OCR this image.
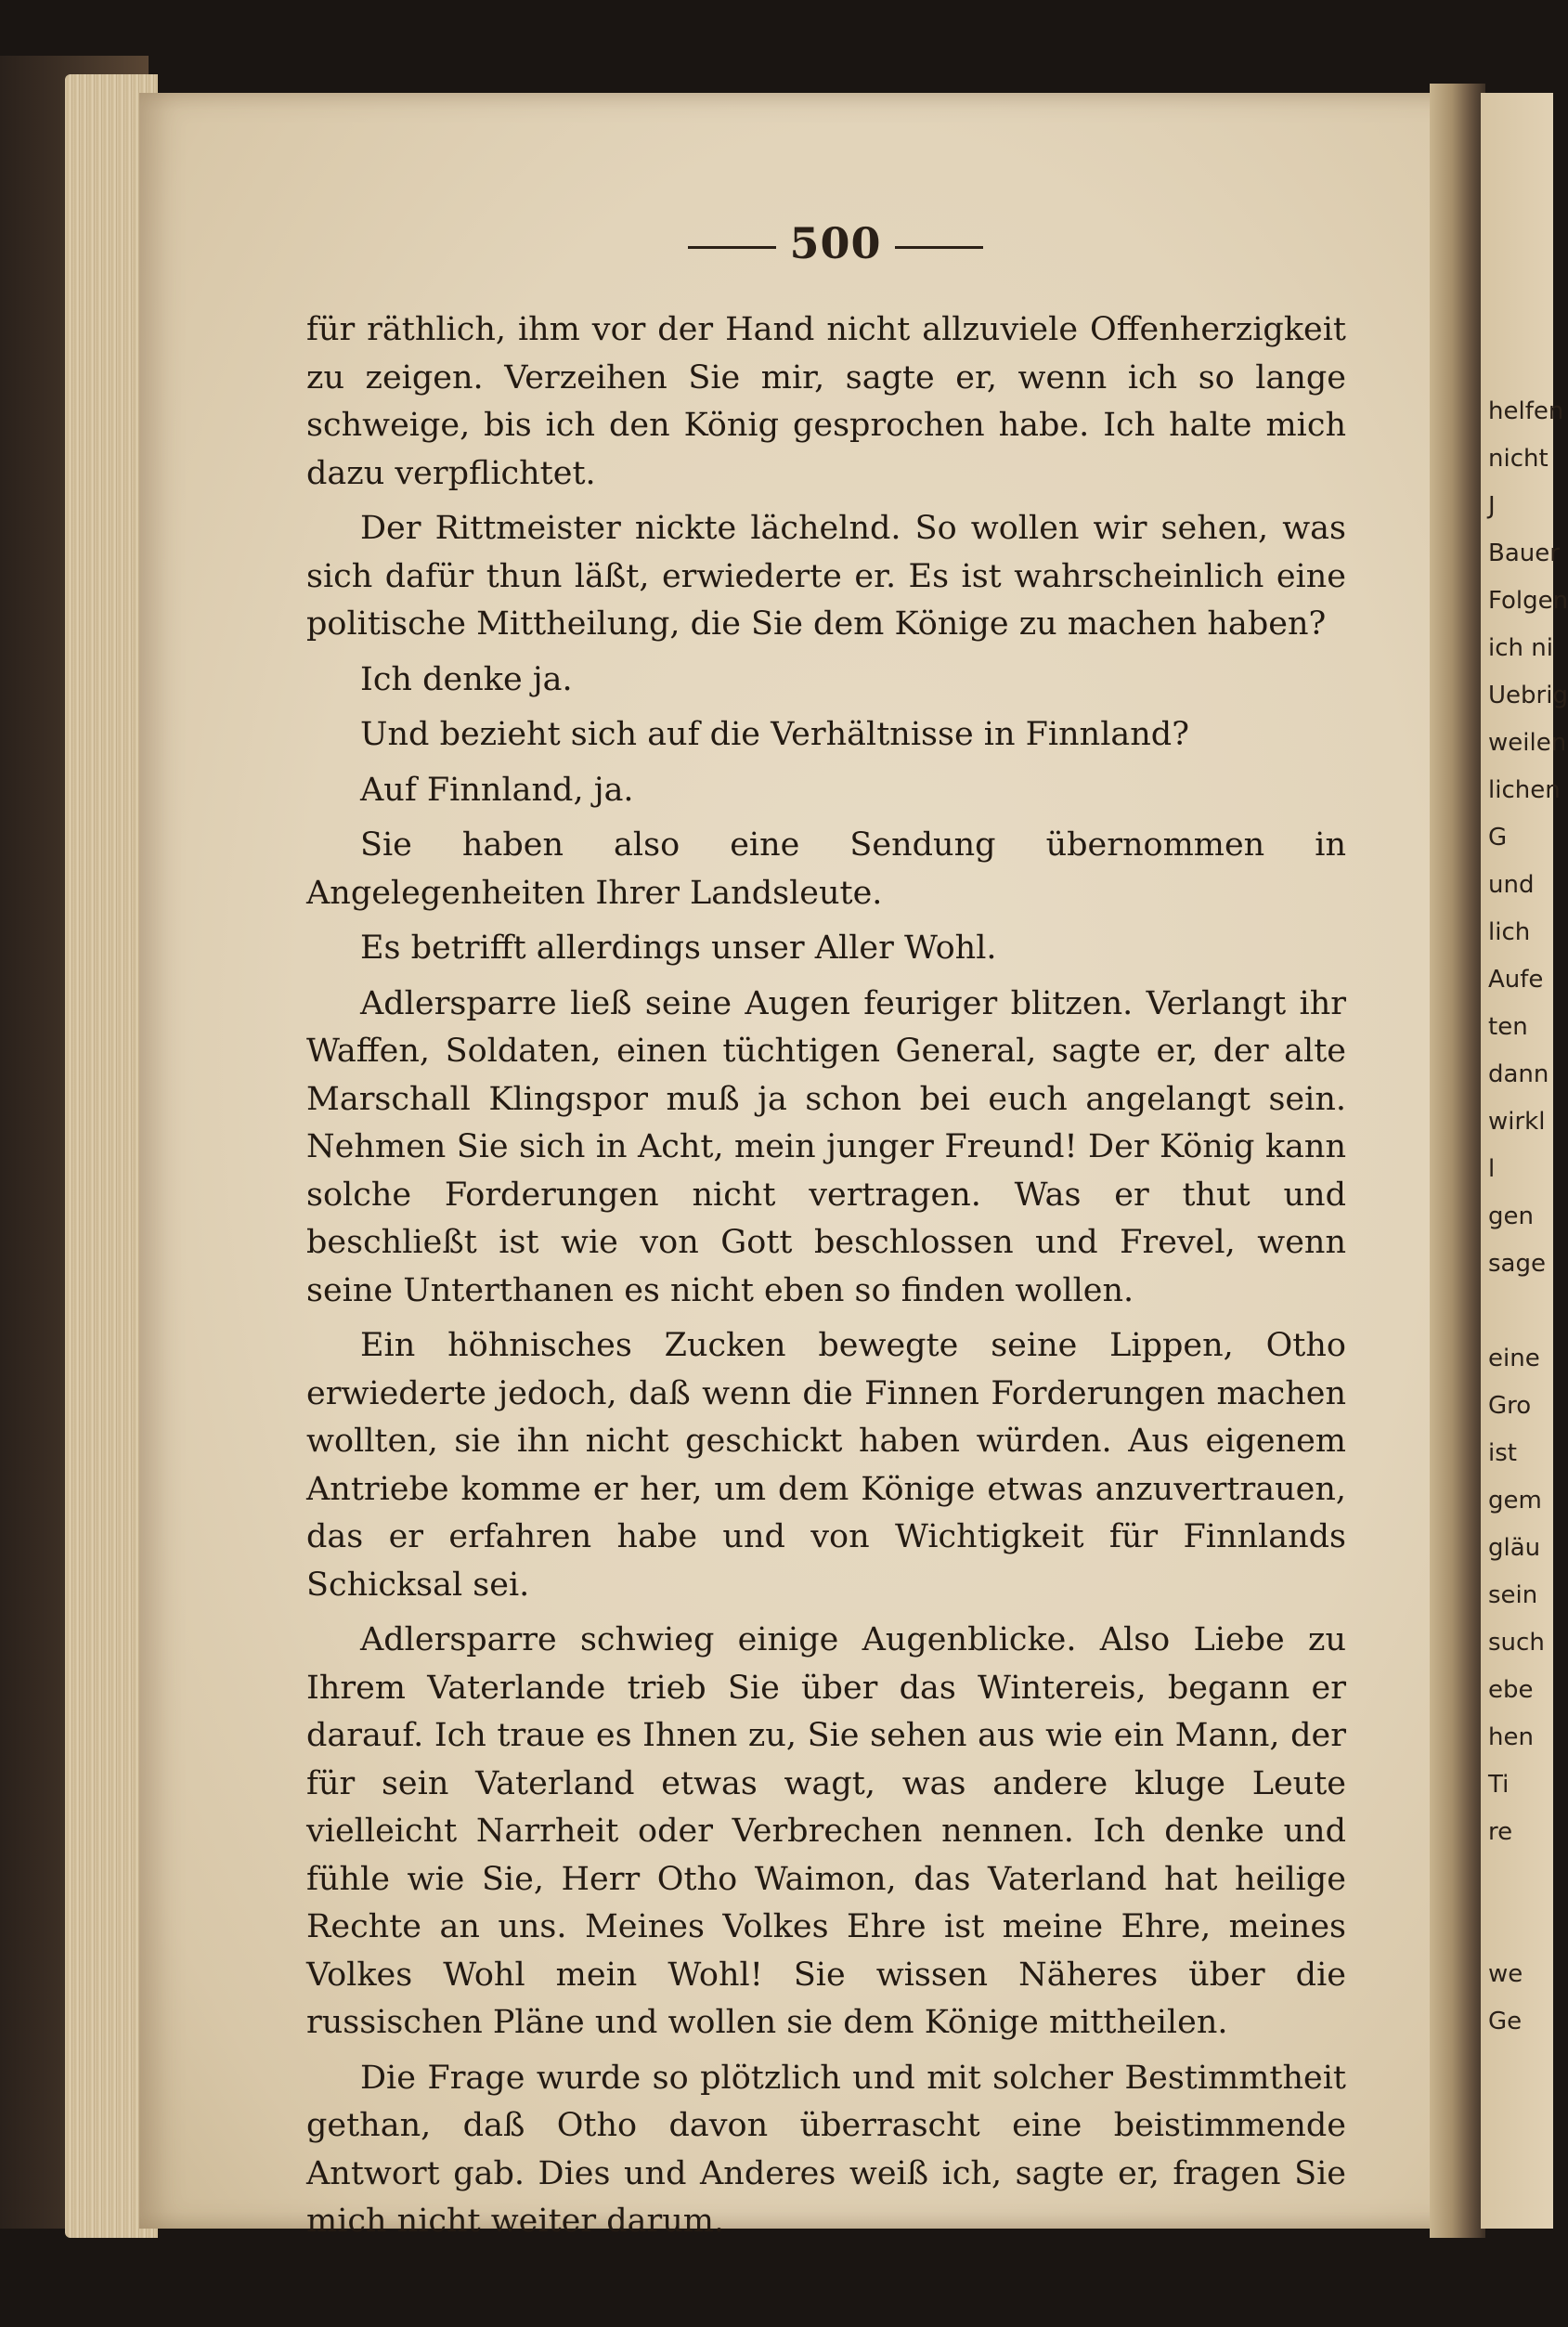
helfen
nicht
J
Bauer
Folgen
ich ni
Uebrig
weilen
lichen
G
und
lich
Aufe
ten
dann
wirkl
l
gen
sage
eine
Gro
ist
gem
gläu
sein
such
ebe
hen
Ti
re
we
Ge
500

für räthlich, ihm vor der Hand nicht allzuviele Offenherzigkeit zu zeigen. Verzeihen Sie mir, sagte er, wenn ich so lange schweige, bis ich den König gesprochen habe. Ich halte mich dazu verpflichtet.

Der Rittmeister nickte lächelnd. So wollen wir sehen, was sich dafür thun läßt, erwiederte er. Es ist wahrscheinlich eine politische Mittheilung, die Sie dem Könige zu machen haben?

Ich denke ja.

Und bezieht sich auf die Verhältnisse in Finnland?

Auf Finnland, ja.

Sie haben also eine Sendung übernommen in Angelegenheiten Ihrer Landsleute.

Es betrifft allerdings unser Aller Wohl.

Adlersparre ließ seine Augen feuriger blitzen. Verlangt ihr Waffen, Soldaten, einen tüchtigen General, sagte er, der alte Marschall Klingspor muß ja schon bei euch angelangt sein. Nehmen Sie sich in Acht, mein junger Freund! Der König kann solche Forderungen nicht vertragen. Was er thut und beschließt ist wie von Gott beschlossen und Frevel, wenn seine Unterthanen es nicht eben so finden wollen.

Ein höhnisches Zucken bewegte seine Lippen, Otho erwiederte jedoch, daß wenn die Finnen Forderungen machen wollten, sie ihn nicht geschickt haben würden. Aus eigenem Antriebe komme er her, um dem Könige etwas anzuvertrauen, das er erfahren habe und von Wichtigkeit für Finnlands Schicksal sei.

Adlersparre schwieg einige Augenblicke. Also Liebe zu Ihrem Vaterlande trieb Sie über das Wintereis, begann er darauf. Ich traue es Ihnen zu, Sie sehen aus wie ein Mann, der für sein Vaterland etwas wagt, was andere kluge Leute vielleicht Narrheit oder Verbrechen nennen. Ich denke und fühle wie Sie, Herr Otho Waimon, das Vaterland hat heilige Rechte an uns. Meines Volkes Ehre ist meine Ehre, meines Volkes Wohl mein Wohl! Sie wissen Näheres über die russischen Pläne und wollen sie dem Könige mittheilen.

Die Frage wurde so plötzlich und mit solcher Bestimmtheit gethan, daß Otho davon überrascht eine beistimmende Antwort gab. Dies und Anderes weiß ich, sagte er, fragen Sie mich nicht weiter darum.
